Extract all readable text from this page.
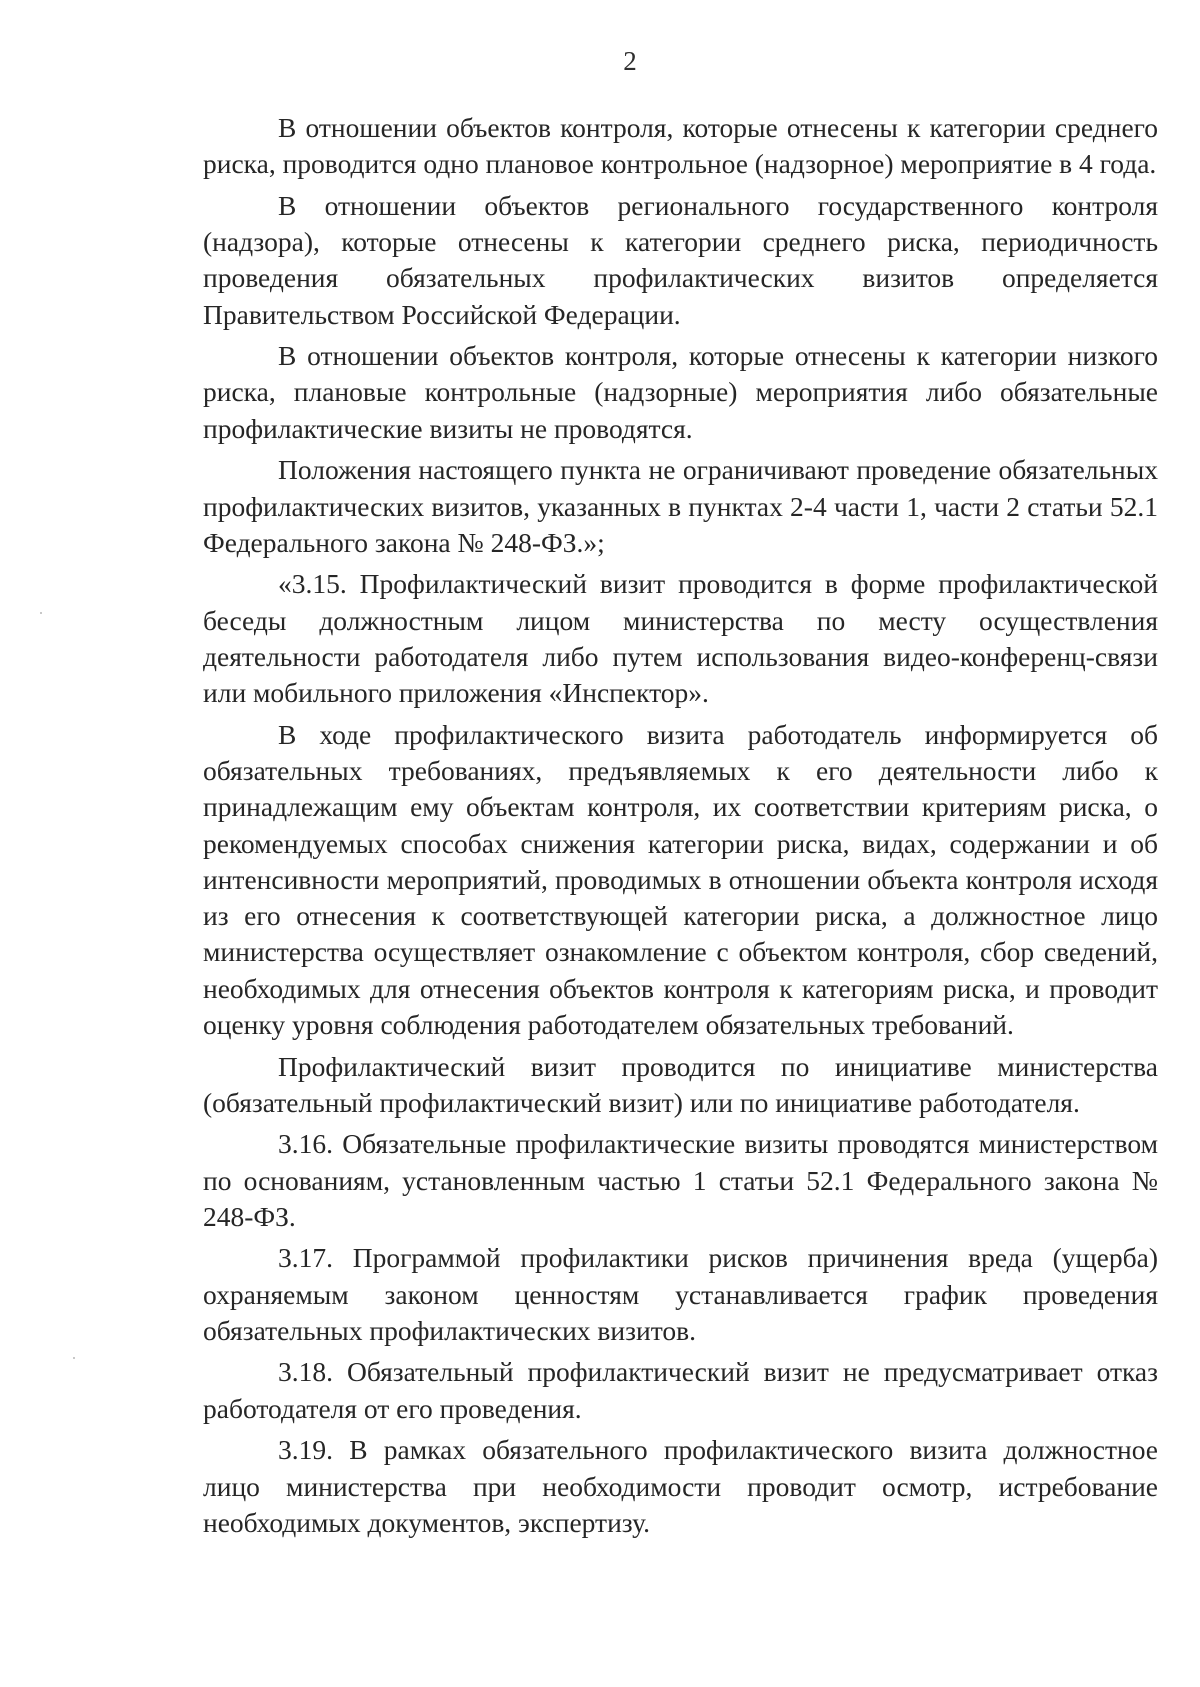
2

В отношении объектов контроля, которые отнесены к категории среднего риска, проводится одно плановое контрольное (надзорное) мероприятие в 4 года.

В отношении объектов регионального государственного контроля (надзора), которые отнесены к категории среднего риска, периодичность проведения обязательных профилактических визитов определяется Правительством Российской Федерации.

В отношении объектов контроля, которые отнесены к категории низкого риска, плановые контрольные (надзорные) мероприятия либо обязательные профилактические визиты не проводятся.

Положения настоящего пункта не ограничивают проведение обязательных профилактических визитов, указанных в пунктах 2-4 части 1, части 2 статьи 52.1 Федерального закона № 248-ФЗ.»;

«3.15. Профилактический визит проводится в форме профилактической беседы должностным лицом министерства по месту осуществления деятельности работодателя либо путем использования видео-конференц-связи или мобильного приложения «Инспектор».

В ходе профилактического визита работодатель информируется об обязательных требованиях, предъявляемых к его деятельности либо к принадлежащим ему объектам контроля, их соответствии критериям риска, о рекомендуемых способах снижения категории риска, видах, содержании и об интенсивности мероприятий, проводимых в отношении объекта контроля исходя из его отнесения к соответствующей категории риска, а должностное лицо министерства осуществляет ознакомление с объектом контроля, сбор сведений, необходимых для отнесения объектов контроля к категориям риска, и проводит оценку уровня соблюдения работодателем обязательных требований.

Профилактический визит проводится по инициативе министерства (обязательный профилактический визит) или по инициативе работодателя.

3.16. Обязательные профилактические визиты проводятся министерством по основаниям, установленным частью 1 статьи 52.1 Федерального закона № 248-ФЗ.

3.17. Программой профилактики рисков причинения вреда (ущерба) охраняемым законом ценностям устанавливается график проведения обязательных профилактических визитов.

3.18. Обязательный профилактический визит не предусматривает отказ работодателя от его проведения.

3.19. В рамках обязательного профилактического визита должностное лицо министерства при необходимости проводит осмотр, истребование необходимых документов, экспертизу.
